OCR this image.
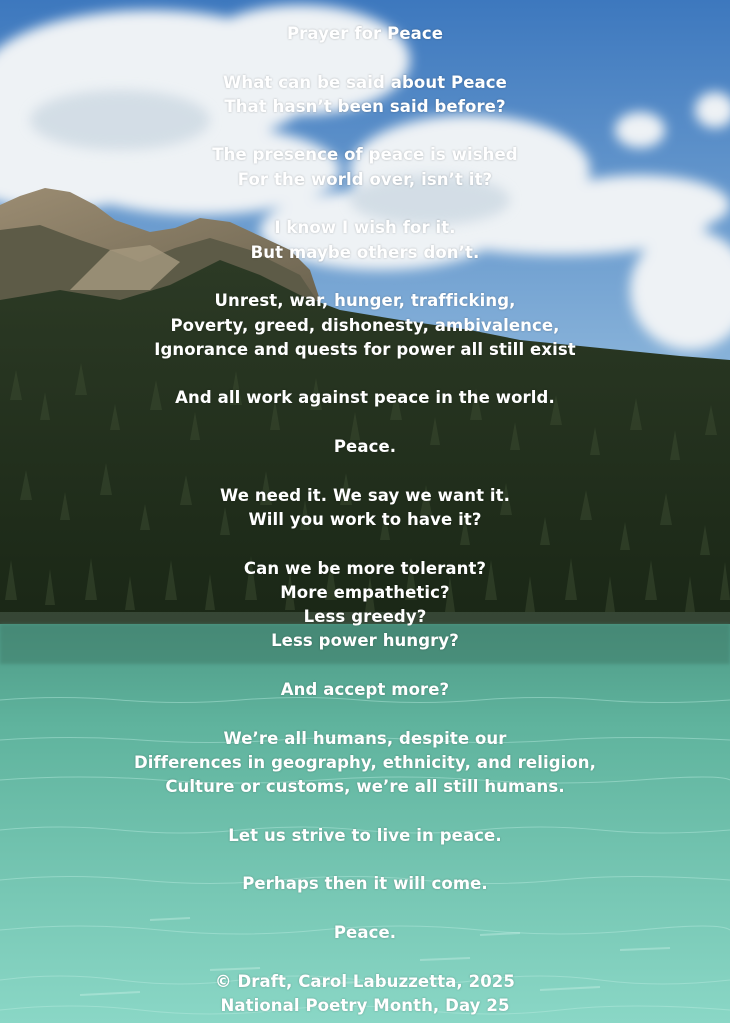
Prayer for Peace
What can be said about Peace
That hasn’t been said before?
The presence of peace is wished
For the world over, isn’t it?
I know I wish for it.
But maybe others don’t.
Unrest, war, hunger, trafficking,
Poverty, greed, dishonesty, ambivalence,
Ignorance and quests for power all still exist
And all work against peace in the world.
Peace.
We need it. We say we want it.
Will you work to have it?
Can we be more tolerant?
More empathetic?
Less greedy?
Less power hungry?
And accept more?
We’re all humans, despite our
Differences in geography, ethnicity, and religion,
Culture or customs, we’re all still humans.
Let us strive to live in peace.
Perhaps then it will come.
Peace.
© Draft, Carol Labuzzetta, 2025
National Poetry Month, Day 25
